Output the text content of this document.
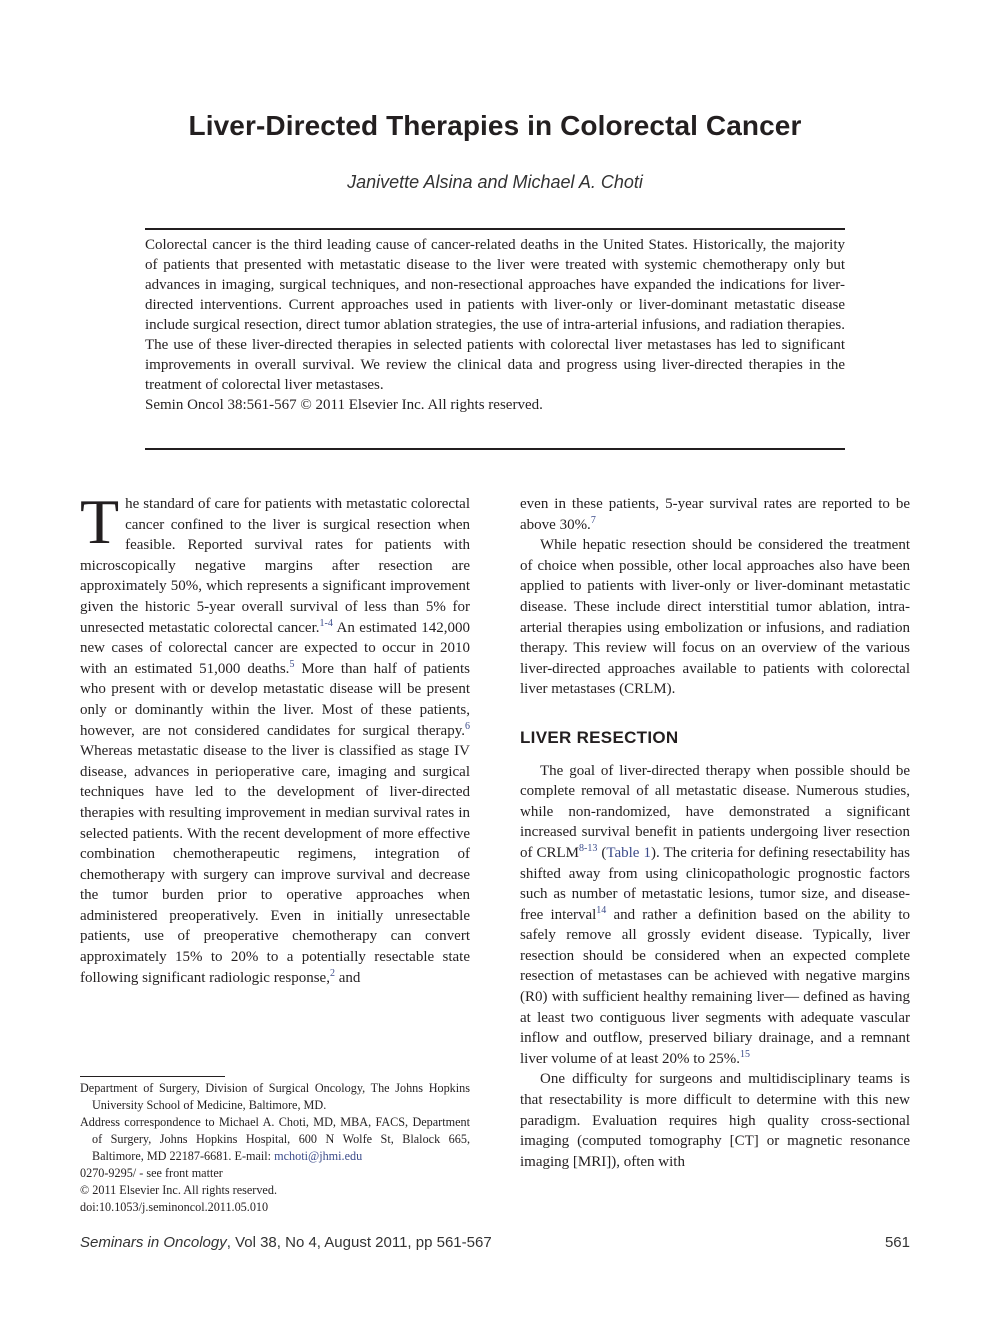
Liver-Directed Therapies in Colorectal Cancer
Janivette Alsina and Michael A. Choti

Colorectal cancer is the third leading cause of cancer-related deaths in the United States. Historically, the majority of patients that presented with metastatic disease to the liver were treated with systemic chemotherapy only but advances in imaging, surgical techniques, and non-resectional approaches have expanded the indications for liver-directed interventions. Current approaches used in patients with liver-only or liver-dominant metastatic disease include surgical resection, direct tumor ablation strategies, the use of intra-arterial infusions, and radiation therapies. The use of these liver-directed therapies in selected patients with colorectal liver metastases has led to significant improvements in overall survival. We review the clinical data and progress using liver-directed therapies in the treatment of colorectal liver metastases.

Semin Oncol 38:561-567 © 2011 Elsevier Inc. All rights reserved.

The standard of care for patients with metastatic colorectal cancer confined to the liver is surgical resection when feasible. Reported survival rates for patients with microscopically negative margins after resection are approximately 50%, which represents a significant improvement given the historic 5-year overall survival of less than 5% for unresected metastatic colorectal cancer.$^{1-4}$ An estimated 142,000 new cases of colorectal cancer are expected to occur in 2010 with an estimated 51,000 deaths.$^5$ More than half of patients who present with or develop metastatic disease will be present only or dominantly within the liver. Most of these patients, however, are not considered candidates for surgical therapy.$^6$ Whereas metastatic disease to the liver is classified as stage IV disease, advances in perioperative care, imaging and surgical techniques have led to the development of liver-directed therapies with resulting improvement in median survival rates in selected patients. With the recent development of more effective combination chemotherapeutic regimens, integration of chemotherapy with surgery can improve survival and decrease the tumor burden prior to operative approaches when administered preoperatively. Even in initially unresectable patients, use of preoperative chemotherapy can convert approximately 15% to 20% to a potentially resectable state following significant radiologic response,$^2$ and

even in these patients, 5-year survival rates are reported to be above 30%.$^7$

While hepatic resection should be considered the treatment of choice when possible, other local approaches also have been applied to patients with liver-only or liver-dominant metastatic disease. These include direct interstitial tumor ablation, intra-arterial therapies using embolization or infusions, and radiation therapy. This review will focus on an overview of the various liver-directed approaches available to patients with colorectal liver metastases (CRLM).

LIVER RESECTION

The goal of liver-directed therapy when possible should be complete removal of all metastatic disease. Numerous studies, while non-randomized, have demonstrated a significant increased survival benefit in patients undergoing liver resection of CRLM$^{8-13}$ (Table 1). The criteria for defining resectability has shifted away from using clinicopathologic prognostic factors such as number of metastatic lesions, tumor size, and disease-free interval$^{14}$ and rather a definition based on the ability to safely remove all grossly evident disease. Typically, liver resection should be considered when an expected complete resection of metastases can be achieved with negative margins (R0) with sufficient healthy remaining liver— defined as having at least two contiguous liver segments with adequate vascular inflow and outflow, preserved biliary drainage, and a remnant liver volume of at least 20% to 25%.$^{15}$

One difficulty for surgeons and multidisciplinary teams is that resectability is more difficult to determine with this new paradigm. Evaluation requires high quality cross-sectional imaging (computed tomography [CT] or magnetic resonance imaging [MRI]), often with

Department of Surgery, Division of Surgical Oncology, The Johns Hopkins University School of Medicine, Baltimore, MD.

Address correspondence to Michael A. Choti, MD, MBA, FACS, Department of Surgery, Johns Hopkins Hospital, 600 N Wolfe St, Blalock 665, Baltimore, MD 22187-6681. E-mail: mchoti@jhmi.edu

0270-9295/ - see front matter

© 2011 Elsevier Inc. All rights reserved.

doi:10.1053/j.seminoncol.2011.05.010

Seminars in Oncology, Vol 38, No 4, August 2011, pp 561-567	561
